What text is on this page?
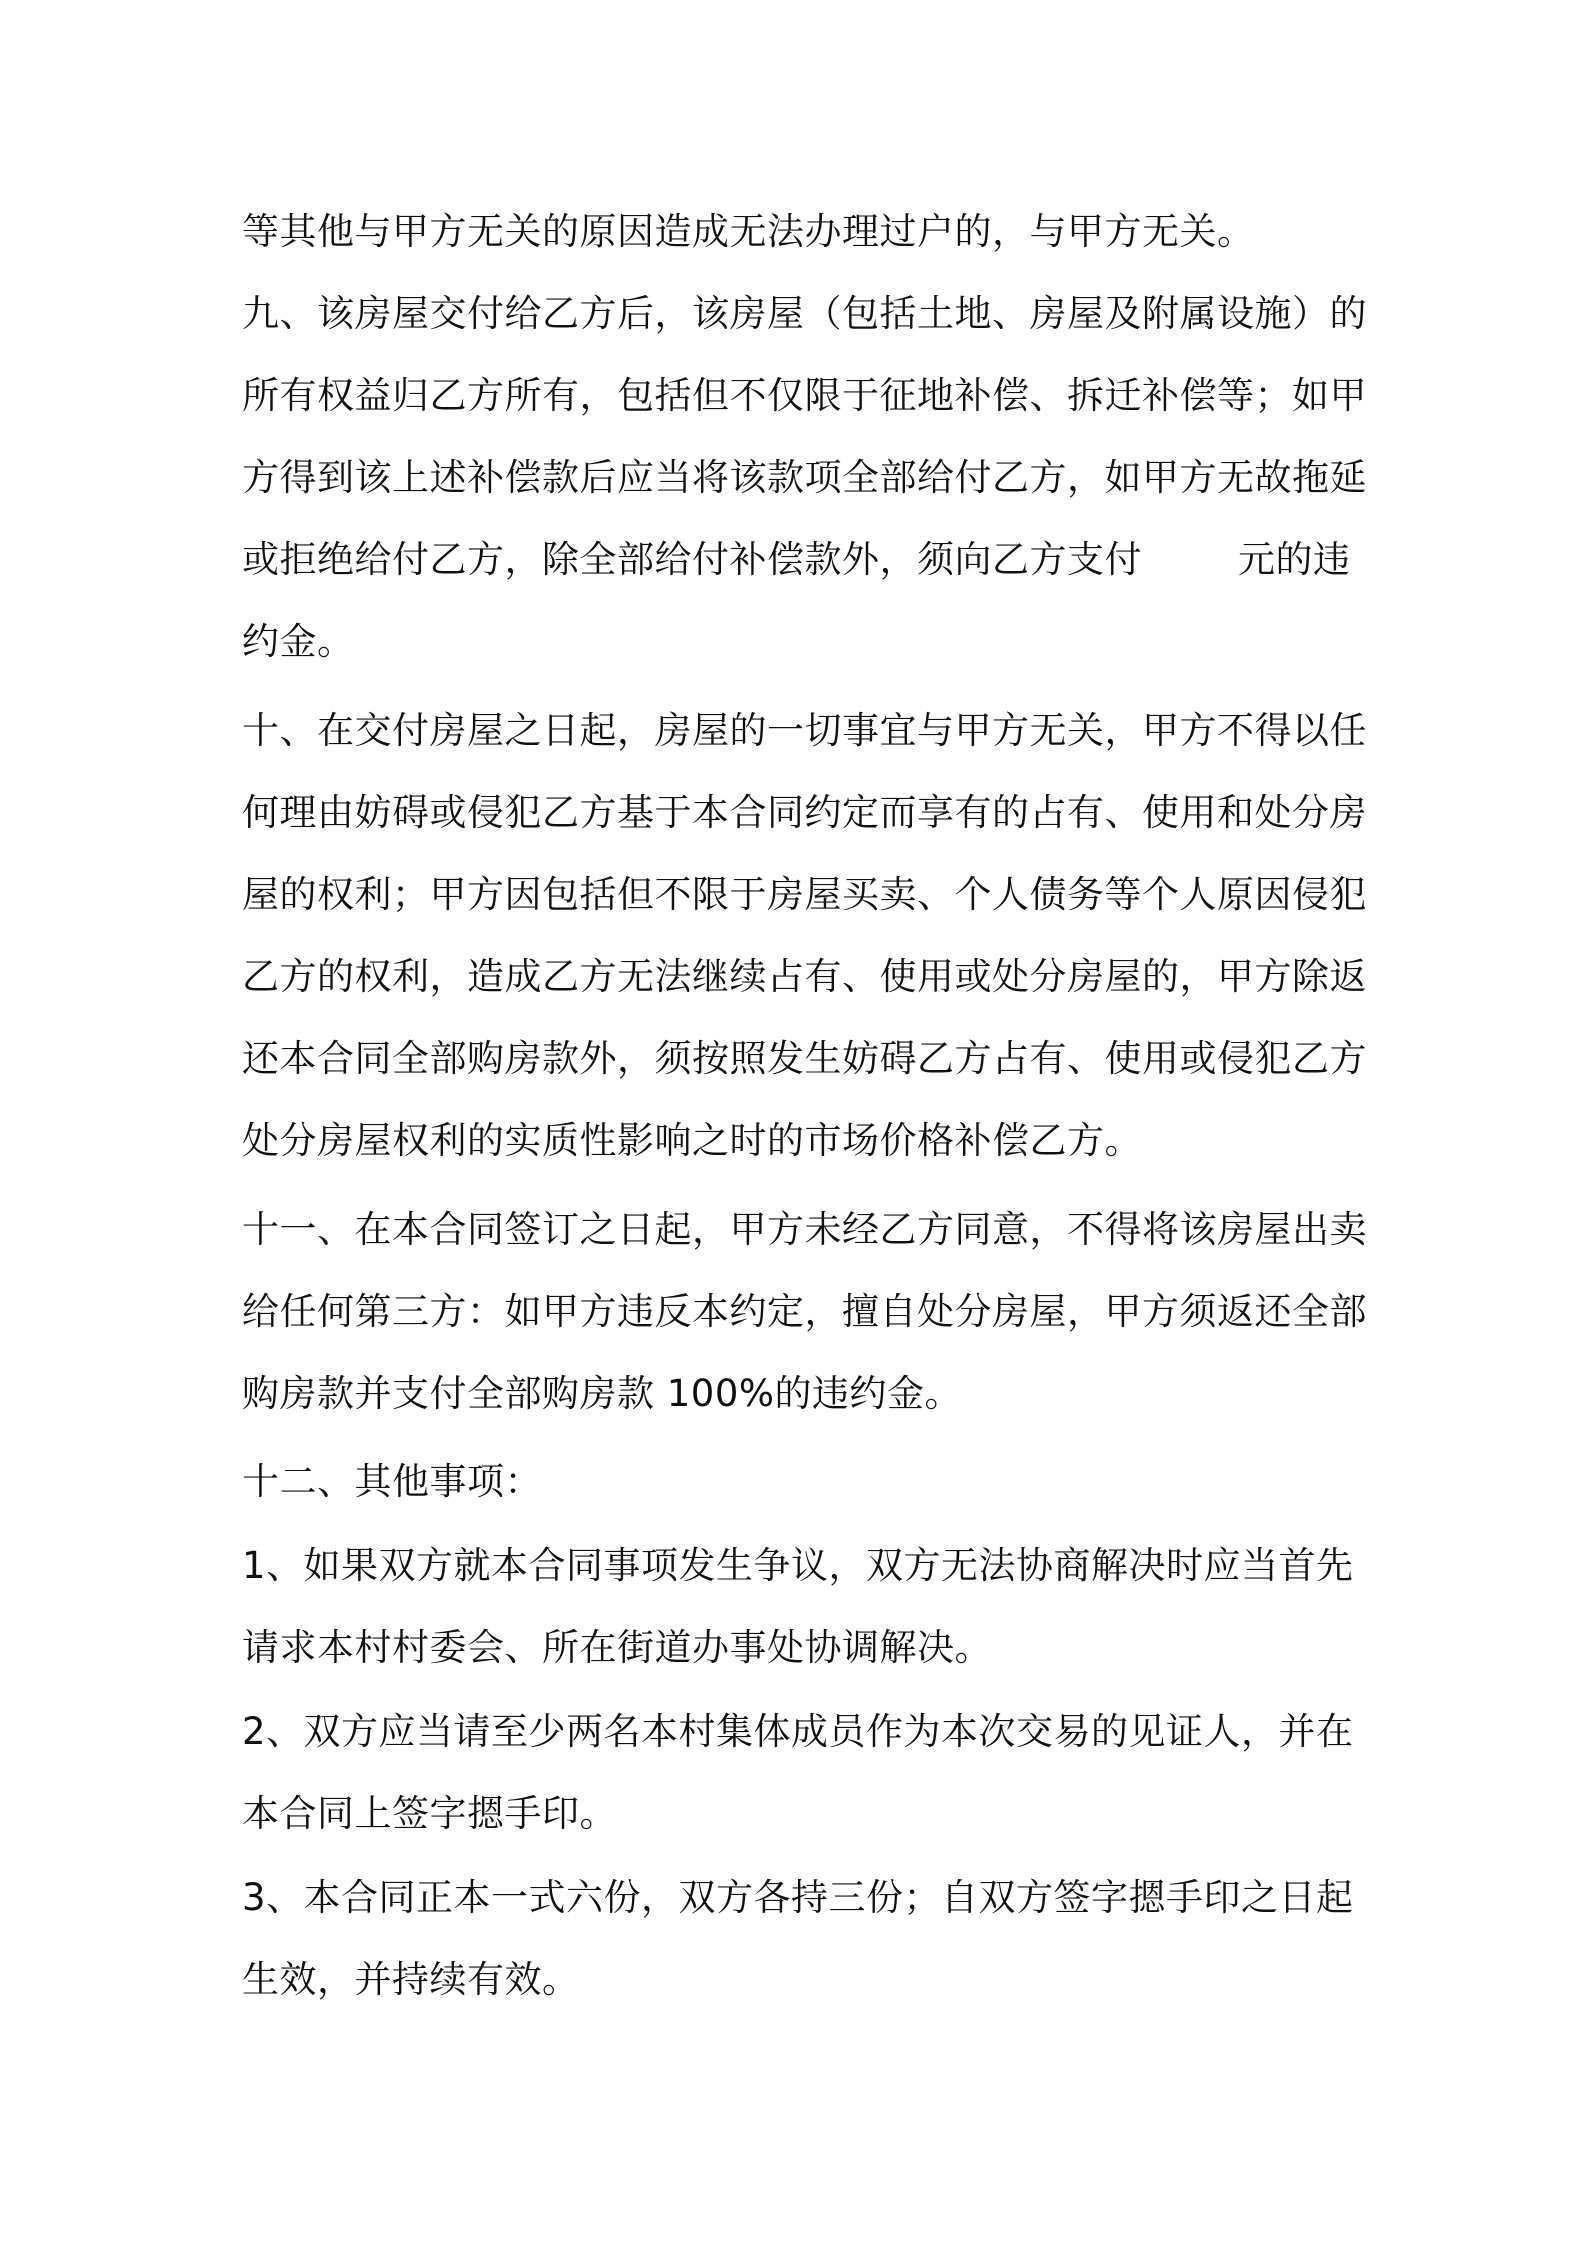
等其他与甲方无关的原因造成无法办理过户的，与甲方无关。
九、该房屋交付给乙方后，该房屋（包括土地、房屋及附属设施）的
所有权益归乙方所有，包括但不仅限于征地补偿、拆迁补偿等；如甲
方得到该上述补偿款后应当将该款项全部给付乙方，如甲方无故拖延
或拒绝给付乙方，除全部给付补偿款外，须向乙方支付	元的违
约金。
十、在交付房屋之日起，房屋的一切事宜与甲方无关，甲方不得以任
何理由妨碍或侵犯乙方基于本合同约定而享有的占有、使用和处分房
屋的权利；甲方因包括但不限于房屋买卖、个人债务等个人原因侵犯
乙方的权利，造成乙方无法继续占有、使用或处分房屋的，甲方除返
还本合同全部购房款外，须按照发生妨碍乙方占有、使用或侵犯乙方
处分房屋权利的实质性影响之时的市场价格补偿乙方。
十一、在本合同签订之日起，甲方未经乙方同意，不得将该房屋出卖
给任何第三方：如甲方违反本约定，擅自处分房屋，甲方须返还全部
购房款并支付全部购房款 100%的违约金。
十二、其他事项：
1、如果双方就本合同事项发生争议，双方无法协商解决时应当首先
请求本村村委会、所在街道办事处协调解决。
2、双方应当请至少两名本村集体成员作为本次交易的见证人，并在
本合同上签字摁手印。
3、本合同正本一式六份，双方各持三份；自双方签字摁手印之日起
生效，并持续有效。
